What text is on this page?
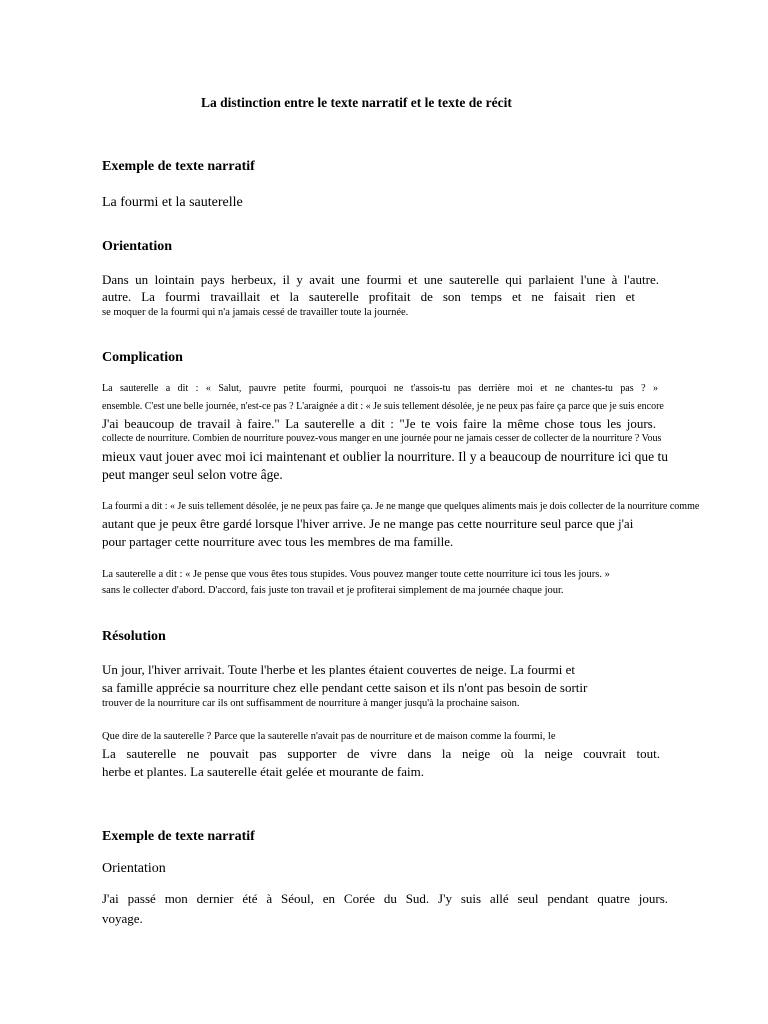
La distinction entre le texte narratif et le texte de récit
Exemple de texte narratif
La fourmi et la sauterelle
Orientation
Dans un lointain pays herbeux, il y avait une fourmi et une sauterelle qui parlaient l'une à l'autre.
autre. La fourmi travaillait et la sauterelle profitait de son temps et ne faisait rien et
se moquer de la fourmi qui n'a jamais cessé de travailler toute la journée.
Complication
La sauterelle a dit : « Salut, pauvre petite fourmi, pourquoi ne t'assois-tu pas derrière moi et ne chantes-tu pas ? »
ensemble. C'est une belle journée, n'est-ce pas ? L'araignée a dit : « Je suis tellement désolée, je ne peux pas faire ça parce que je suis encore
J'ai beaucoup de travail à faire." La sauterelle a dit : "Je te vois faire la même chose tous les jours.
collecte de nourriture. Combien de nourriture pouvez-vous manger en une journée pour ne jamais cesser de collecter de la nourriture ? Vous
mieux vaut jouer avec moi ici maintenant et oublier la nourriture. Il y a beaucoup de nourriture ici que tu
peut manger seul selon votre âge.
La fourmi a dit : « Je suis tellement désolée, je ne peux pas faire ça. Je ne mange que quelques aliments mais je dois collecter de la nourriture comme
autant que je peux être gardé lorsque l'hiver arrive. Je ne mange pas cette nourriture seul parce que j'ai
pour partager cette nourriture avec tous les membres de ma famille.
La sauterelle a dit : « Je pense que vous êtes tous stupides. Vous pouvez manger toute cette nourriture ici tous les jours. »
sans le collecter d'abord. D'accord, fais juste ton travail et je profiterai simplement de ma journée chaque jour.
Résolution
Un jour, l'hiver arrivait. Toute l'herbe et les plantes étaient couvertes de neige. La fourmi et
sa famille apprécie sa nourriture chez elle pendant cette saison et ils n'ont pas besoin de sortir
trouver de la nourriture car ils ont suffisamment de nourriture à manger jusqu'à la prochaine saison.
Que dire de la sauterelle ? Parce que la sauterelle n'avait pas de nourriture et de maison comme la fourmi, le
La sauterelle ne pouvait pas supporter de vivre dans la neige où la neige couvrait tout.
herbe et plantes. La sauterelle était gelée et mourante de faim.
Exemple de texte narratif
Orientation
J'ai passé mon dernier été à Séoul, en Corée du Sud. J'y suis allé seul pendant quatre jours.
voyage.
